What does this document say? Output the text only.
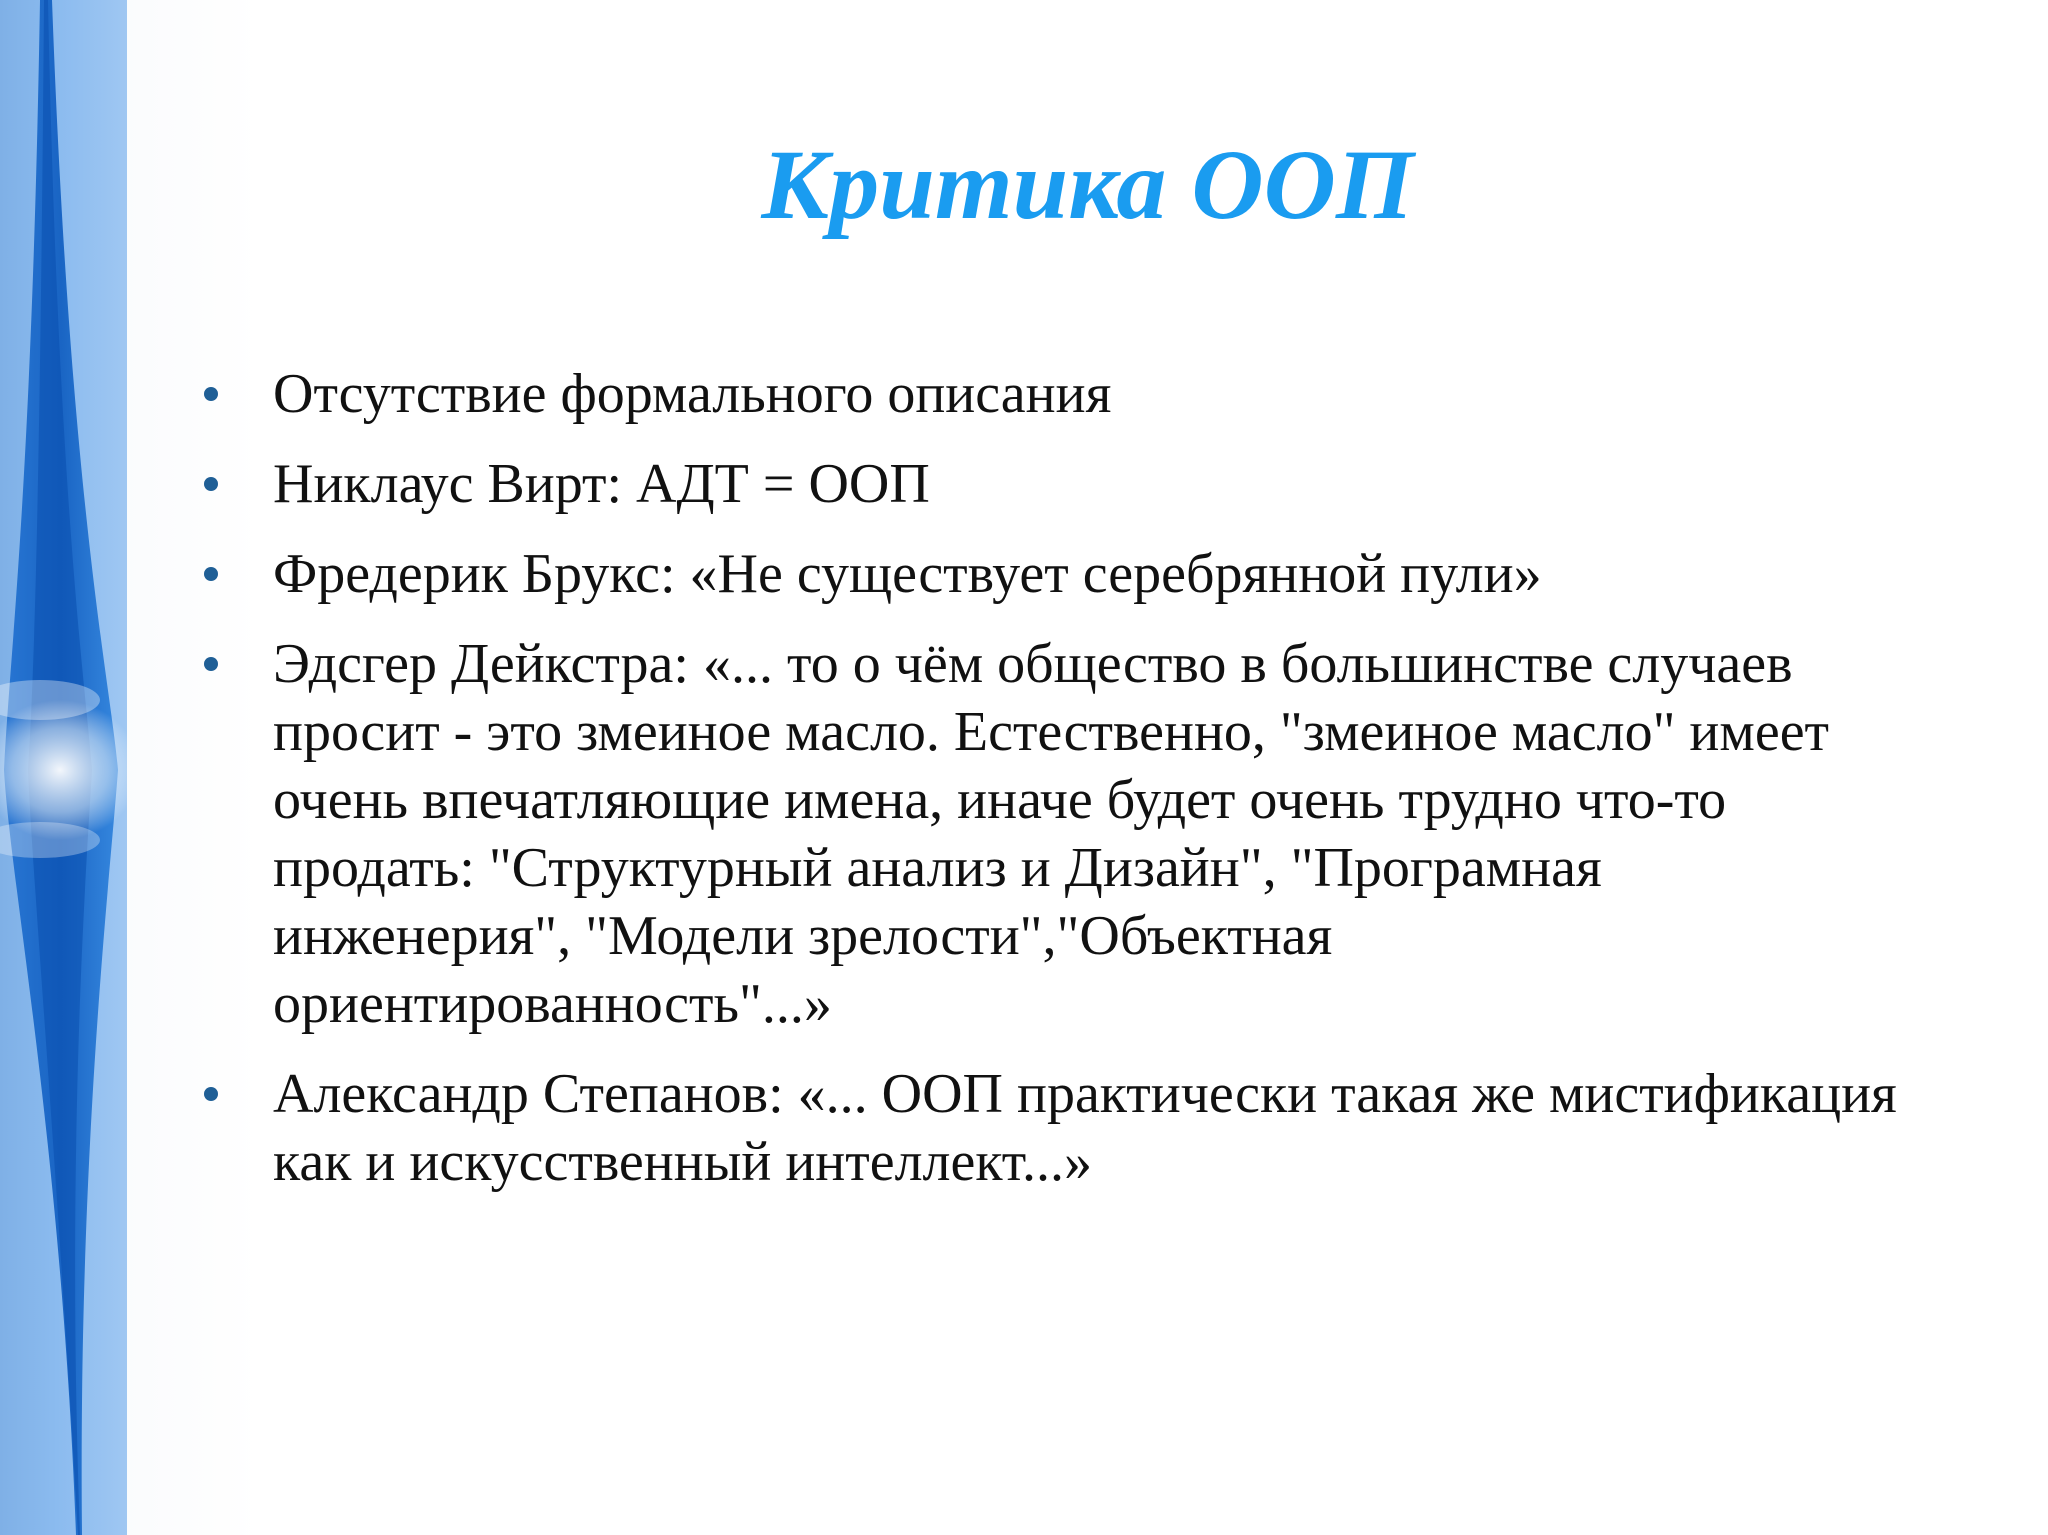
Критика ООП
Отсутствие формального описания
Никлаус Вирт: АДТ = ООП
Фредерик Брукс: «Не существует серебрянной пули»
Эдсгер Дейкстра: «... то о чём общество в большинстве случаев просит - это змеиное масло. Естественно, "змеиное масло" имеет очень впечатляющие имена, иначе будет очень трудно что-то продать: "Структурный анализ и Дизайн", "Програмная инженерия", "Модели зрелости","Объектная ориентированность"...»
Александр Степанов: «... ООП практически такая же мистификация как и искусственный интеллект...»
